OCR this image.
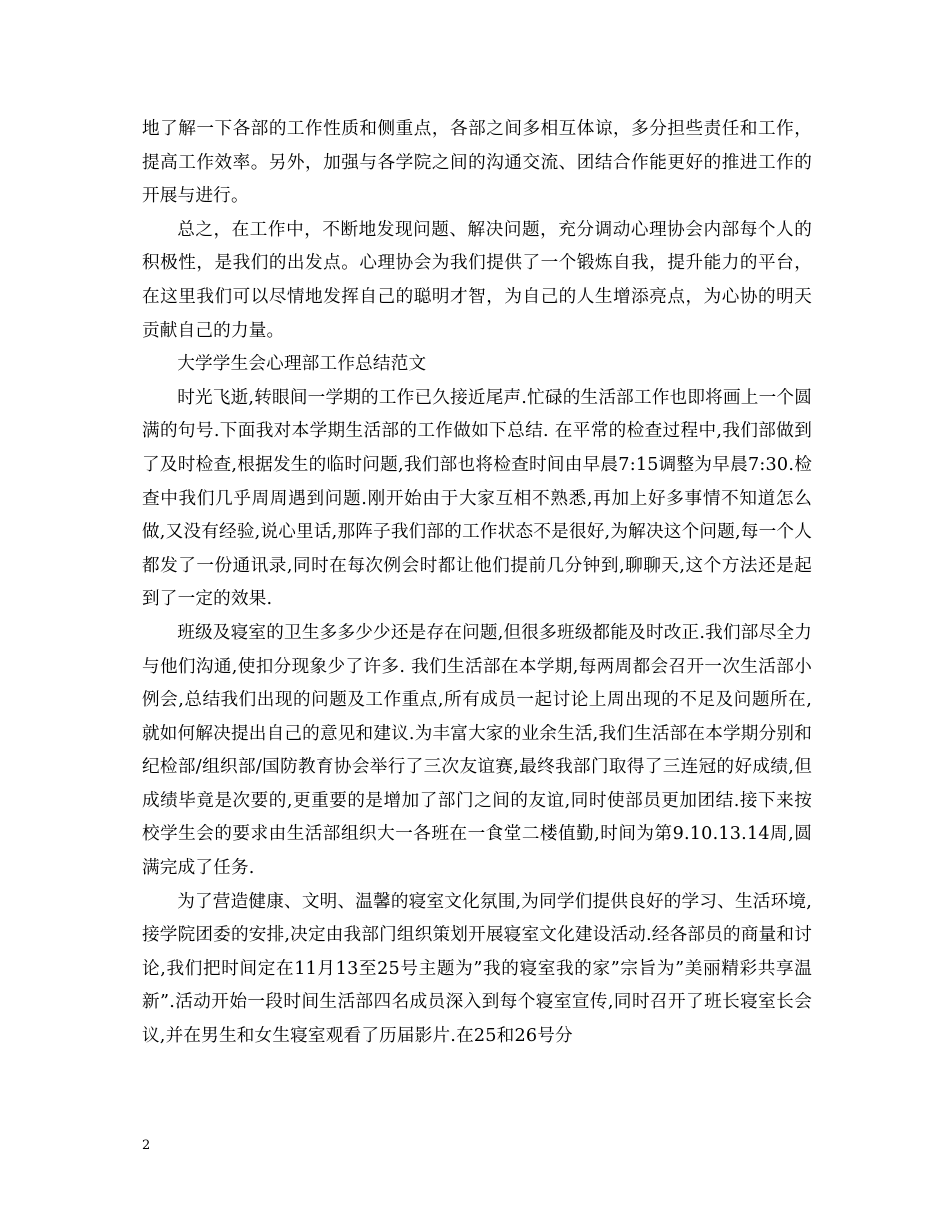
地了解一下各部的工作性质和侧重点，各部之间多相互体谅，多分担些责任和工作，提高工作效率。另外，加强与各学院之间的沟通交流、团结合作能更好的推进工作的开展与进行。

总之，在工作中，不断地发现问题、解决问题，充分调动心理协会内部每个人的积极性，是我们的出发点。心理协会为我们提供了一个锻炼自我，提升能力的平台，在这里我们可以尽情地发挥自己的聪明才智，为自己的人生增添亮点，为心协的明天贡献自己的力量。

大学学生会心理部工作总结范文

时光飞逝,转眼间一学期的工作已久接近尾声.忙碌的生活部工作也即将画上一个圆满的句号.下面我对本学期生活部的工作做如下总结. 在平常的检查过程中,我们部做到了及时检查,根据发生的临时问题,我们部也将检查时间由早晨7:15调整为早晨7:30.检查中我们几乎周周遇到问题.刚开始由于大家互相不熟悉,再加上好多事情不知道怎么做,又没有经验,说心里话,那阵子我们部的工作状态不是很好,为解决这个问题,每一个人都发了一份通讯录,同时在每次例会时都让他们提前几分钟到,聊聊天,这个方法还是起到了一定的效果.

班级及寝室的卫生多多少少还是存在问题,但很多班级都能及时改正.我们部尽全力与他们沟通,使扣分现象少了许多. 我们生活部在本学期,每两周都会召开一次生活部小例会,总结我们出现的问题及工作重点,所有成员一起讨论上周出现的不足及问题所在,就如何解决提出自己的意见和建议.为丰富大家的业余生活,我们生活部在本学期分别和纪检部/组织部/国防教育协会举行了三次友谊赛,最终我部门取得了三连冠的好成绩,但成绩毕竟是次要的,更重要的是增加了部门之间的友谊,同时使部员更加团结.接下来按校学生会的要求由生活部组织大一各班在一食堂二楼值勤,时间为第9.10.13.14周,圆满完成了任务.

为了营造健康、文明、温馨的寝室文化氛围,为同学们提供良好的学习、生活环境,接学院团委的安排,决定由我部门组织策划开展寝室文化建设活动.经各部员的商量和讨论,我们把时间定在11月13至25号主题为”我的寝室我的家”宗旨为”美丽精彩共享温新”.活动开始一段时间生活部四名成员深入到每个寝室宣传,同时召开了班长寝室长会议,并在男生和女生寝室观看了历届影片.在25和26号分

2
